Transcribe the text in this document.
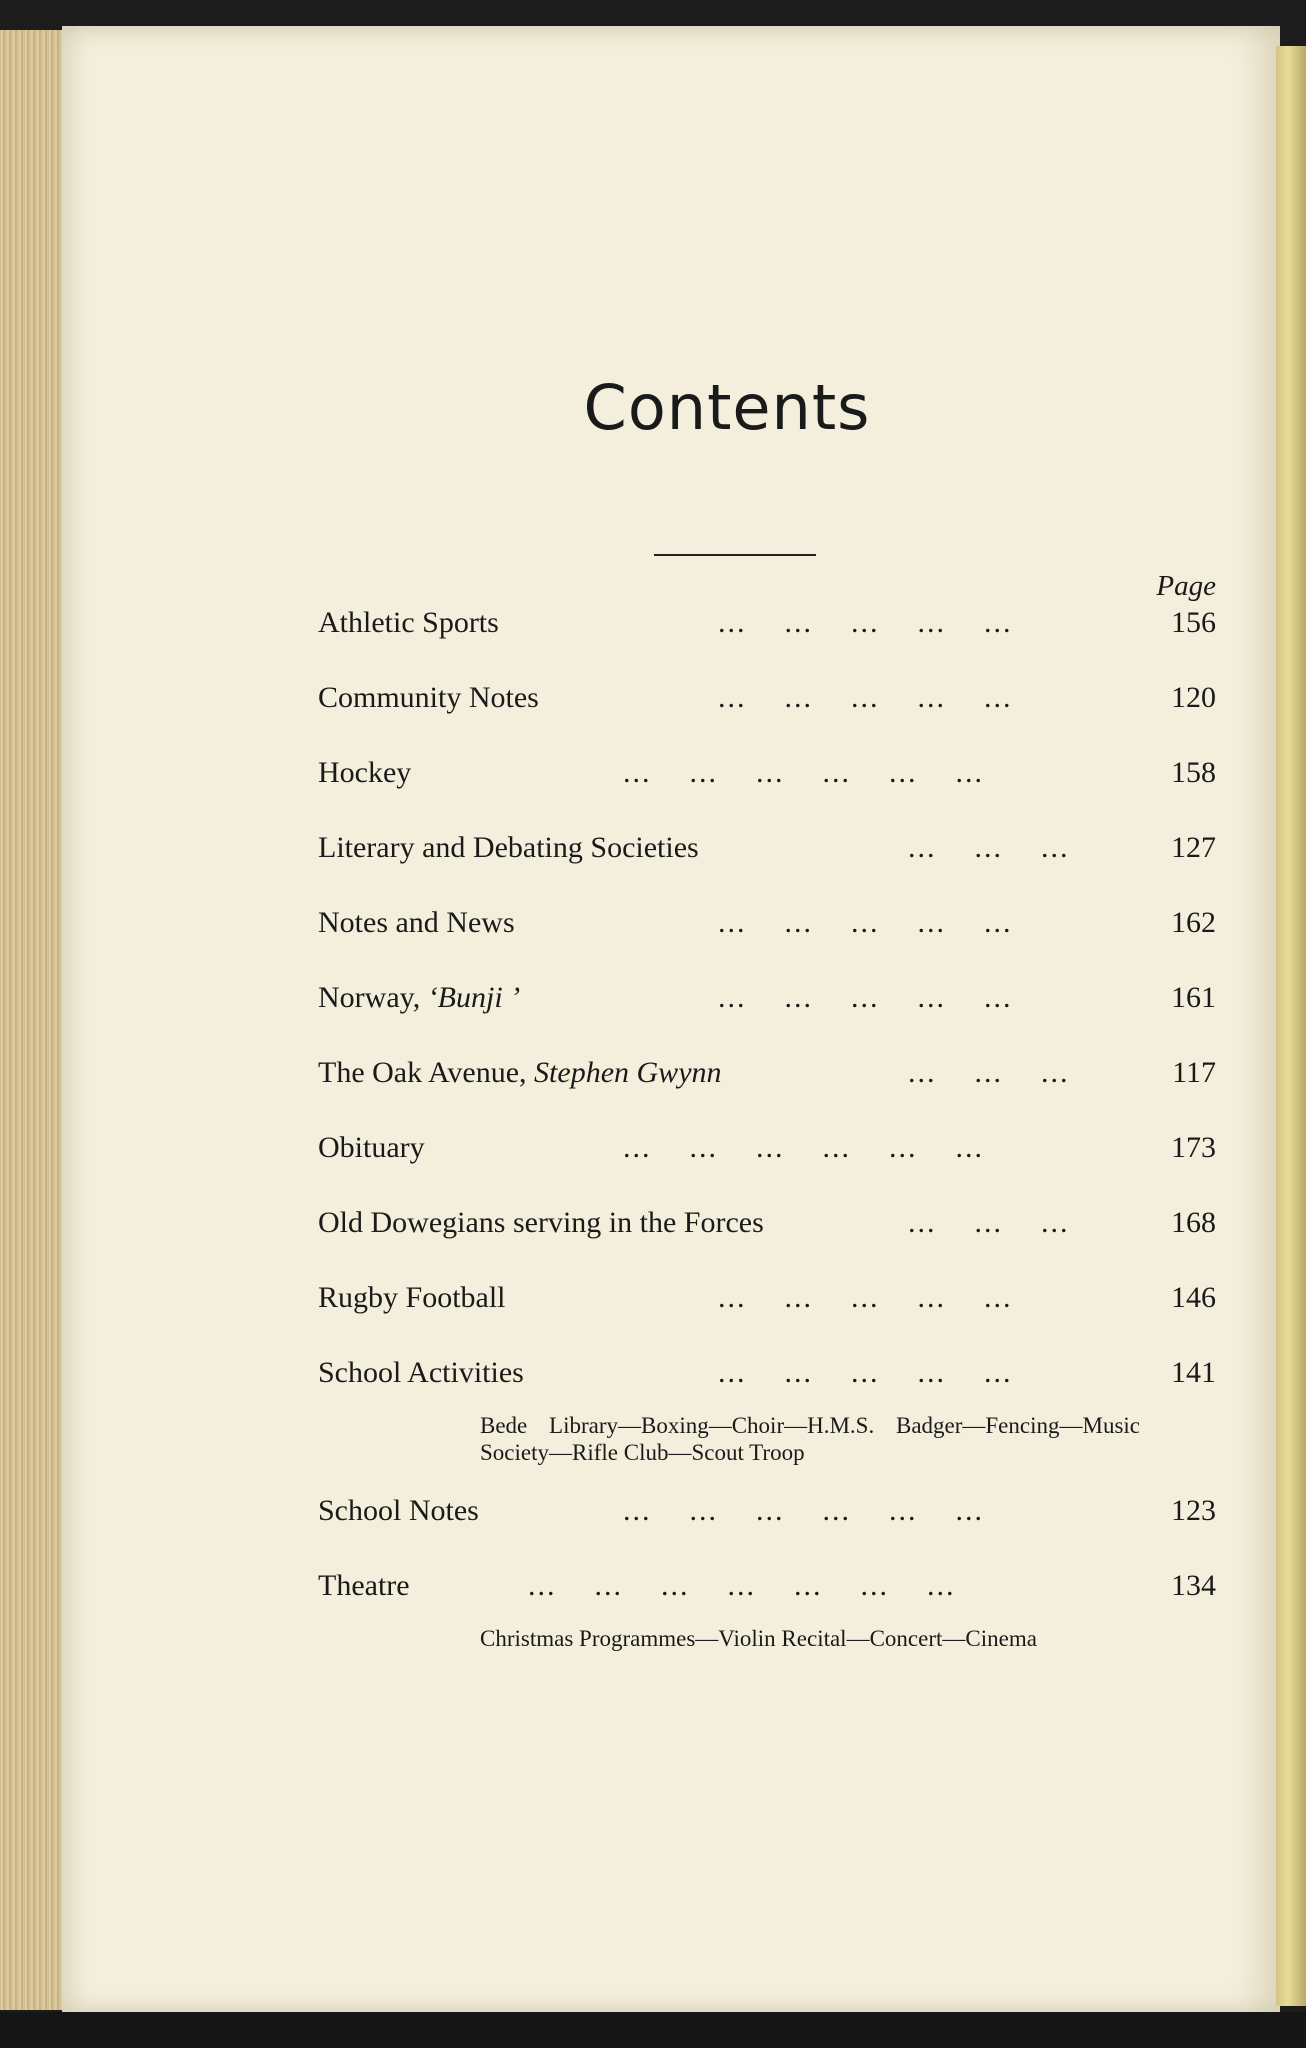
Contents
Page
Athletic Sports	...    ...    ...    ...    ...	156
Community Notes	...    ...    ...    ...    ...	120
Hockey	...    ...    ...    ...    ...    ...	158
Literary and Debating Societies	...    ...    ...	127
Notes and News	...    ...    ...    ...    ...	162
Norway, ‘Bunji ’	...    ...    ...    ...    ...	161
The Oak Avenue, Stephen Gwynn	...    ...    ...	117
Obituary	...    ...    ...    ...    ...    ...	173
Old Dowegians serving in the Forces	...    ...    ...	168
Rugby Football	...    ...    ...    ...    ...	146
School Activities	...    ...    ...    ...    ...	141
Bede Library—Boxing—Choir—H.M.S. Badger—Fencing—Music Society—Rifle Club—Scout Troop
School Notes	...    ...    ...    ...    ...    ...	123
Theatre	...    ...    ...    ...    ...    ...    ...	134
Christmas Programmes—Violin Recital—Concert—Cinema
